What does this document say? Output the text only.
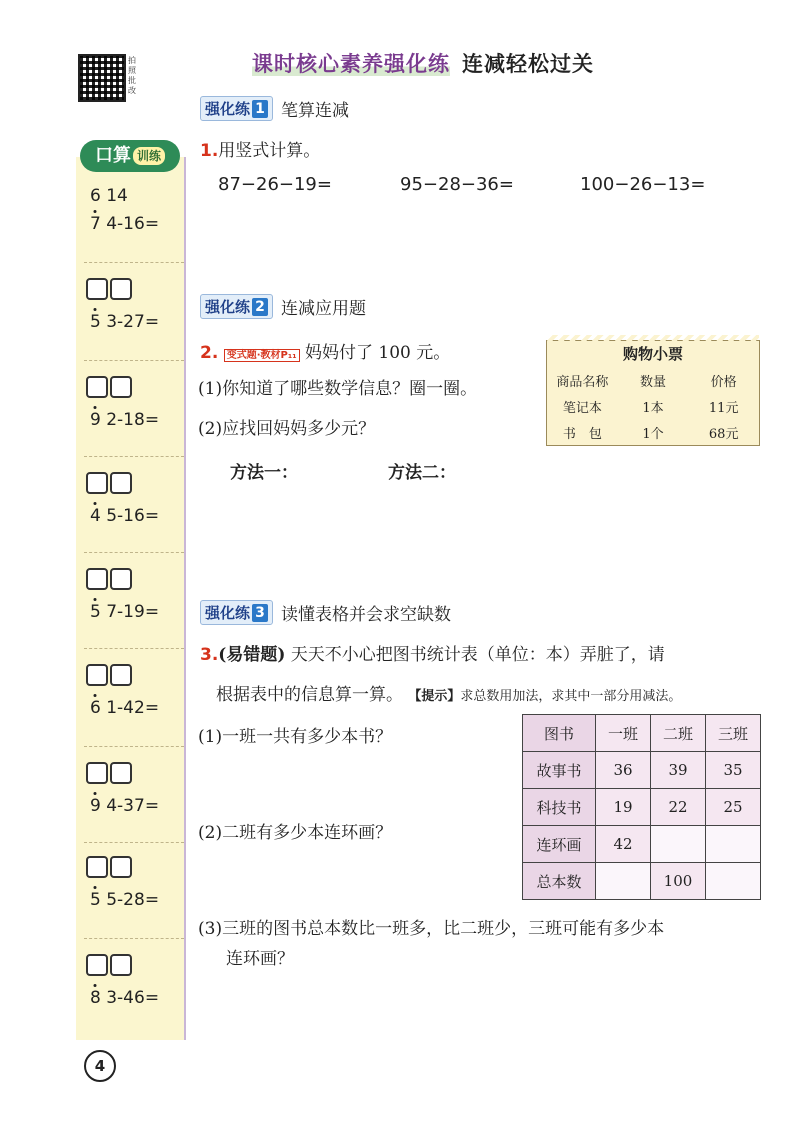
拍照批改
课时核心素养强化练 连减轻松过关
口算 训练
6 14
7 4-16=
5 3-27=
9 2-18=
4 5-16=
5 7-19=
6 1-42=
9 4-37=
5 5-28=
8 3-46=
强化练 1 笔算连减
1.用竖式计算。
87−26−19=	95−28−36=	100−26−13=
强化练 2 连减应用题
2. 变式题·教材P₁₁ 妈妈付了 100 元。
(1)你知道了哪些数学信息？圈一圈。
(2)应找回妈妈多少元？
方法一：	方法二：
购物小票
商品名称	数量	价格
笔记本	1本	11元
书　包	1个	68元
强化练 3 读懂表格并会求空缺数
3.(易错题) 天天不小心把图书统计表（单位：本）弄脏了，请
根据表中的信息算一算。 【提示】求总数用加法，求其中一部分用减法。
(1)一班一共有多少本书？
(2)二班有多少本连环画？
(3)三班的图书总本数比一班多，比二班少，三班可能有多少本
连环画？
图书	一班	二班	三班
故事书	36	39	35
科技书	19	22	25
连环画	42		
总本数		100	
4
